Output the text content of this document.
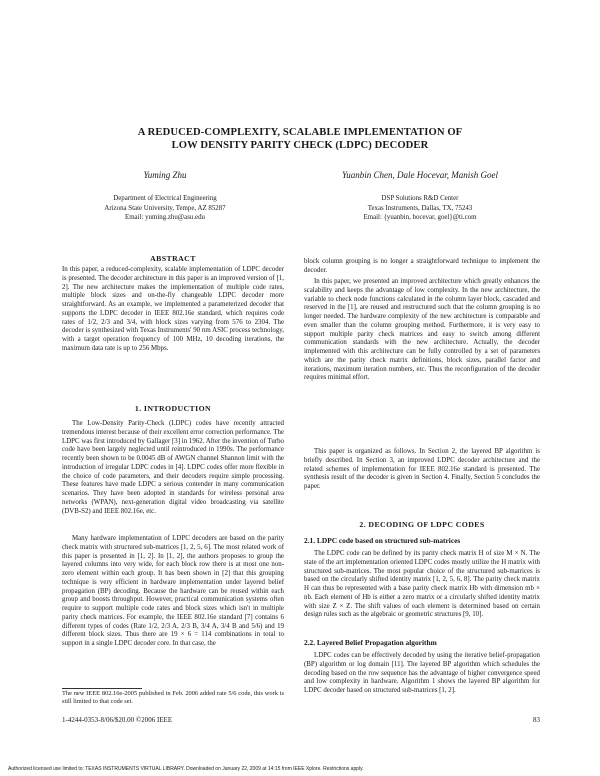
A REDUCED-COMPLEXITY, SCALABLE IMPLEMENTATION OF
LOW DENSITY PARITY CHECK (LDPC) DECODER
Yuming Zhu	Yuanbin Chen, Dale Hocevar, Manish Goel
Department of Electrical Engineering
Arizona State University, Tempe, AZ 85287
Email: yuming.zhu@asu.edu
DSP Solutions R&D Center
Texas Instruments, Dallas, TX, 75243
Email: {yuanbin, hocevar, goel}@ti.com
ABSTRACT

In this paper, a reduced-complexity, scalable implementation of LDPC decoder is presented. The decoder architecture in this paper is an improved version of [1, 2]. The new architecture makes the implementation of multiple code rates, multiple block sizes and on-the-fly changeable LDPC decoder more straightforward. As an example, we implemented a parameterized decoder that supports the LDPC decoder in IEEE 802.16e standard, which requires code rates of 1/2, 2/3 and 3/4, with block sizes varying from 576 to 2304. The decoder is synthesized with Texas Instruments' 90 nm ASIC process technology, with a target operation frequency of 100 MHz, 10 decoding iterations, the maximum data rate is up to 256 Mbps.

1. INTRODUCTION

The Low-Density Parity-Check (LDPC) codes have recently attracted tremendous interest because of their excellent error correction performance. The LDPC was first introduced by Gallager [3] in 1962. After the invention of Turbo code have been largely neglected until reintroduced in 1990s. The performance recently been shown to be 0.0045 dB of AWGN channel Shannon limit with the introduction of irregular LDPC codes in [4]. LDPC codes offer more flexible in the choice of code parameters, and their decoders require simple processing. These features have made LDPC a serious contender in many communication scenarios. They have been adopted in standards for wireless personal area networks (WPAN), next-generation digital video broadcasting via satellite (DVB-S2) and IEEE 802.16e, etc.

Many hardware implementation of LDPC decoders are based on the parity check matrix with structured sub-matrices [1, 2, 5, 6]. The most related work of this paper is presented in [1, 2]. In [1, 2], the authors proposes to group the layered columns into very wide, for each block row there is at most one non-zero element within each group. It has been shown in [2] that this grouping technique is very efficient in hardware implementation under layered belief propagation (BP) decoding. Because the hardware can be reused within each group and boosts throughput. However, practical communication systems often require to support multiple code rates and block sizes which isn't in multiple parity check matrices. For example, the IEEE 802.16e standard [7] contains 6 different types of codes (Rate 1/2, 2/3 A, 2/3 B, 3/4 A, 3/4 B and 5/6) and 19 different block sizes. Thus there are 19 × 6 = 114 combinations in total to support in a single LDPC decoder core. In that case, the

The new IEEE 802.16e-2005 published in Feb. 2006 added rate 5/6 code, this work is still limited to that code set.

block column grouping is no longer a straightforward technique to implement the decoder.

In this paper, we presented an improved architecture which greatly enhances the scalability and keeps the advantage of low complexity. In the new architecture, the variable to check node functions calculated in the column layer block, cascaded and reserved in the [1], are reused and restructured such that the column grouping is no longer needed. The hardware complexity of the new architecture is comparable and even smaller than the column grouping method. Furthermore, it is very easy to support multiple parity check matrices and easy to switch among different communication standards with the new architecture. Actually, the decoder implemented with this architecture can be fully controlled by a set of parameters which are the parity check matrix definitions, block sizes, parallel factor and iterations, maximum iteration numbers, etc. Thus the reconfiguration of the decoder requires minimal effort.

This paper is organized as follows. In Section 2, the layered BP algorithm is briefly described. In Section 3, an improved LDPC decoder architecture and the related schemes of implementation for IEEE 802.16e standard is presented. The synthesis result of the decoder is given in Section 4. Finally, Section 5 concludes the paper.

2. DECODING OF LDPC CODES
2.1. LDPC code based on structured sub-matrices

The LDPC code can be defined by its parity check matrix H of size M × N. The state of the art implementation oriented LDPC codes mostly utilize the H matrix with structured sub-matrices. The most popular choice of the structured sub-matrices is based on the circularly shifted identity matrix [1, 2, 5, 6, 8]. The parity check matrix H can thus be represented with a base parity check matrix Hb with dimension mb × nb. Each element of Hb is either a zero matrix or a circularly shifted identity matrix with size Z × Z. The shift values of each element is determined based on certain design rules such as the algebraic or geometric structures [9, 10].

2.2. Layered Belief Propagation algorithm

LDPC codes can be effectively decoded by using the iterative belief-propagation (BP) algorithm or log domain [11]. The layered BP algorithm which schedules the decoding based on the row sequence has the advantage of higher convergence speed and low complexity in hardware. Algorithm 1 shows the layered BP algorithm for LDPC decoder based on structured sub-matrices [1, 2].

1-4244-0353-8/06/$20.00 ©2006 IEEE	83
Authorized licensed use limited to: TEXAS INSTRUMENTS VIRTUAL LIBRARY. Downloaded on January 22, 2009 at 14:15 from IEEE Xplore. Restrictions apply.
